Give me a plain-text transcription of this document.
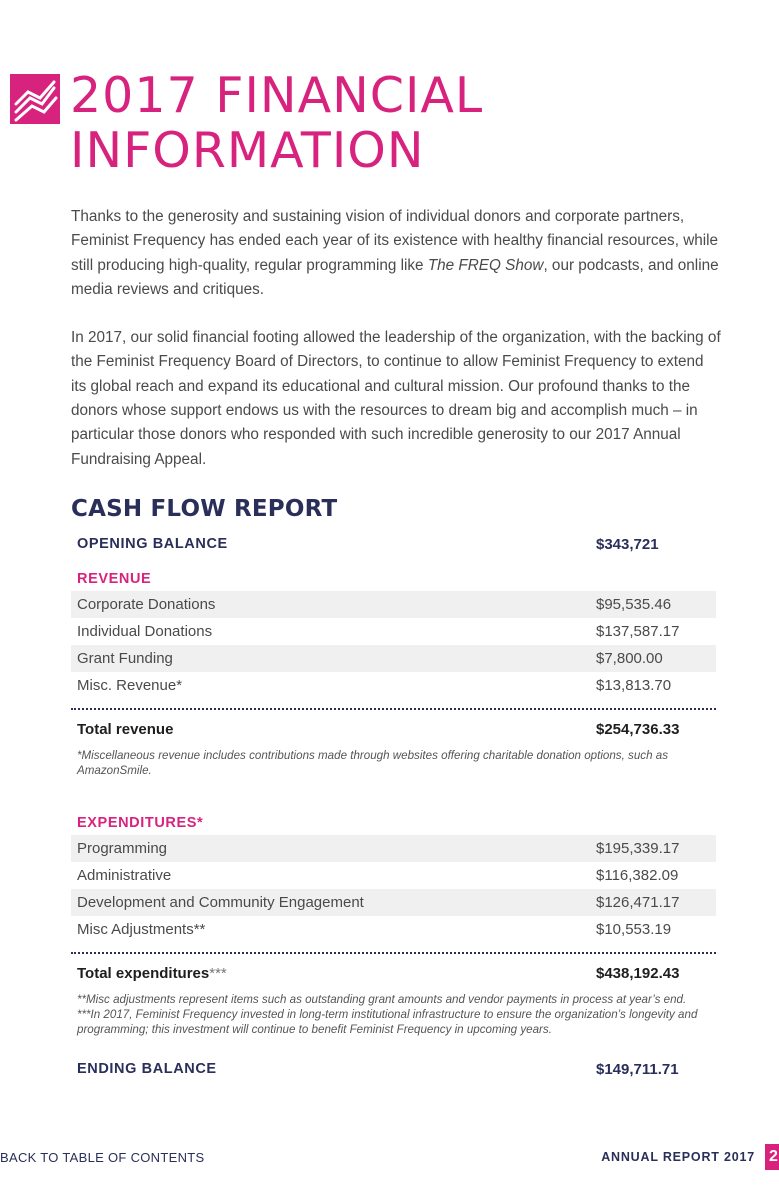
2017 FINANCIAL
INFORMATION

Thanks to the generosity and sustaining vision of individual donors and corporate partners, Feminist Frequency has ended each year of its existence with healthy financial resources, while still producing high-quality, regular programming like The FREQ Show, our podcasts, and online media reviews and critiques.

In 2017, our solid financial footing allowed the leadership of the organization, with the backing of the Feminist Frequency Board of Directors, to continue to allow Feminist Frequency to extend its global reach and expand its educational and cultural mission. Our profound thanks to the donors whose support endows us with the resources to dream big and accomplish much – in particular those donors who responded with such incredible generosity to our 2017 Annual Fundraising Appeal.

CASH FLOW REPORT
OPENING BALANCE	$343,721
REVENUE
Corporate Donations	$95,535.46
Individual Donations	$137,587.17
Grant Funding	$7,800.00
Misc. Revenue*	$13,813.70
Total revenue	$254,736.33
*Miscellaneous revenue includes contributions made through websites offering charitable donation options, such as AmazonSmile.
EXPENDITURES*
Programming	$195,339.17
Administrative	$116,382.09
Development and Community Engagement	$126,471.17
Misc Adjustments**	$10,553.19
Total expenditures***	$438,192.43
**Misc adjustments represent items such as outstanding grant amounts and vendor payments in process at year’s end.
***In 2017, Feminist Frequency invested in long-term institutional infrastructure to ensure the organization’s longevity and programming; this investment will continue to benefit Feminist Frequency in upcoming years.
ENDING BALANCE	$149,711.71
BACK TO TABLE OF CONTENTS	ANNUAL REPORT 2017 2
